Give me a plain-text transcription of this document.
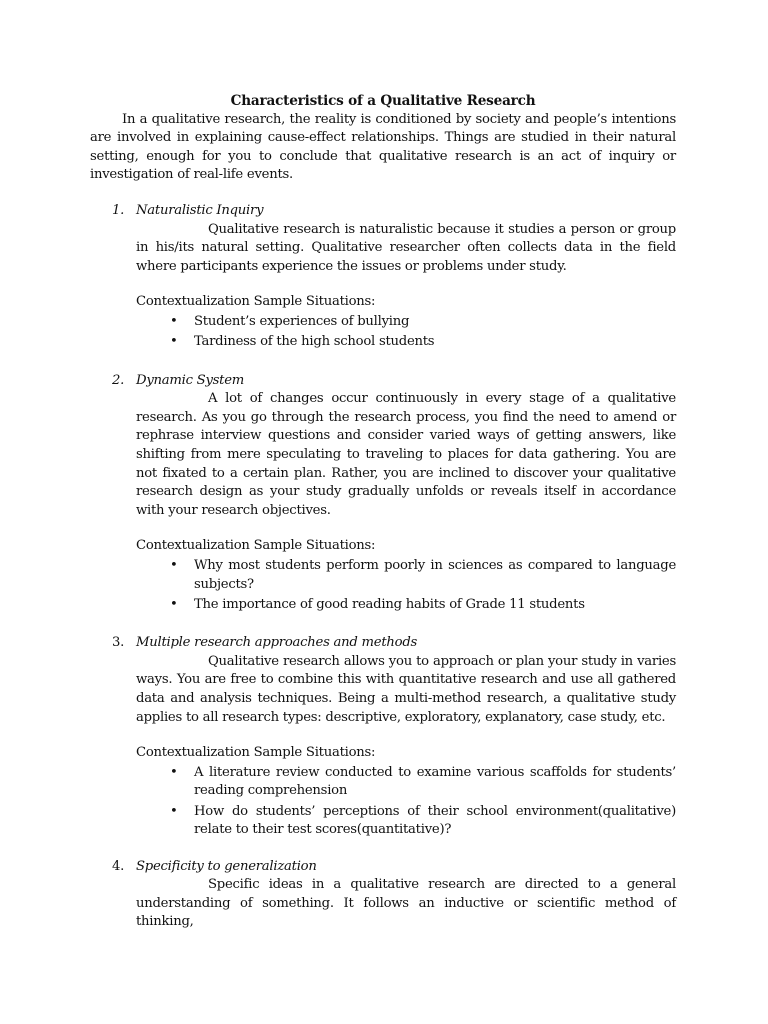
Characteristics of a Qualitative Research

In a qualitative research, the reality is conditioned by society and people’s intentions are involved in explaining cause-effect relationships. Things are studied in their natural setting, enough for you to conclude that qualitative research is an act of inquiry or investigation of real-life events.

1. Naturalistic Inquiry

Qualitative research is naturalistic because it studies a person or group in his/its natural setting. Qualitative researcher often collects data in the field where participants experience the issues or problems under study.

Contextualization Sample Situations:
• Student’s experiences of bullying
• Tardiness of the high school students
2. Dynamic System

A lot of changes occur continuously in every stage of a qualitative research. As you go through the research process, you find the need to amend or rephrase interview questions and consider varied ways of getting answers, like shifting from mere speculating to traveling to places for data gathering. You are not fixated to a certain plan. Rather, you are inclined to discover your qualitative research design as your study gradually unfolds or reveals itself in accordance with your research objectives.

Contextualization Sample Situations:
• Why most students perform poorly in sciences as compared to language subjects?
• The importance of good reading habits of Grade 11 students
3. Multiple research approaches and methods

Qualitative research allows you to approach or plan your study in varies ways. You are free to combine this with quantitative research and use all gathered data and analysis techniques. Being a multi-method research, a qualitative study applies to all research types: descriptive, exploratory, explanatory, case study, etc.

Contextualization Sample Situations:
• A literature review conducted to examine various scaffolds for students’ reading comprehension
• How do students’ perceptions of their school environment(qualitative) relate to their test scores(quantitative)?
4. Specificity to generalization

Specific ideas in a qualitative research are directed to a general understanding of something. It follows an inductive or scientific method of thinking,
